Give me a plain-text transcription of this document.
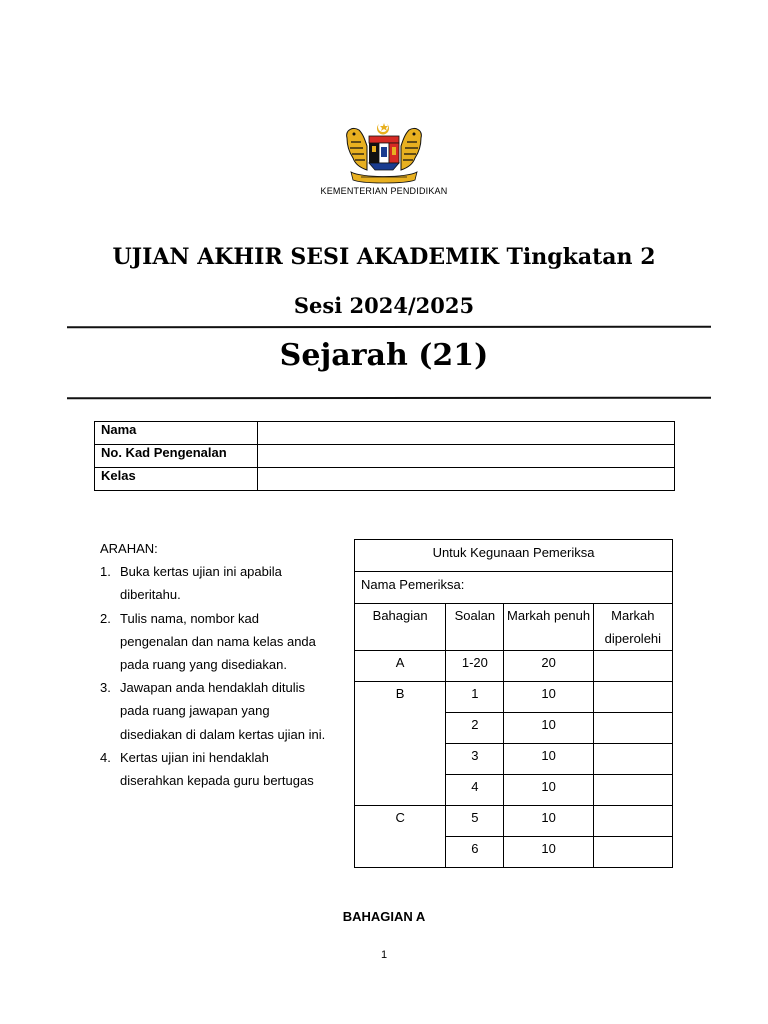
KEMENTERIAN PENDIDIKAN
UJIAN AKHIR SESI AKADEMIK Tingkatan 2
Sesi 2024/2025
Sejarah (21)
Nama	
No. Kad Pengenalan	
Kelas	
ARAHAN:
1. Buka kertas ujian ini apabila diberitahu.
2. Tulis nama, nombor kad pengenalan dan nama kelas anda pada ruang yang disediakan.
3. Jawapan anda hendaklah ditulis pada ruang jawapan yang disediakan di dalam kertas ujian ini.
4. Kertas ujian ini hendaklah diserahkan kepada guru bertugas
Untuk Kegunaan Pemeriksa			
Nama Pemeriksa:			
Bahagian	Soalan	Markah penuh	Markah diperolehi
A	1-20	20	
B	1	10	
	2	10	
	3	10	
	4	10	
C	5	10	
	6	10	
BAHAGIAN A
1
